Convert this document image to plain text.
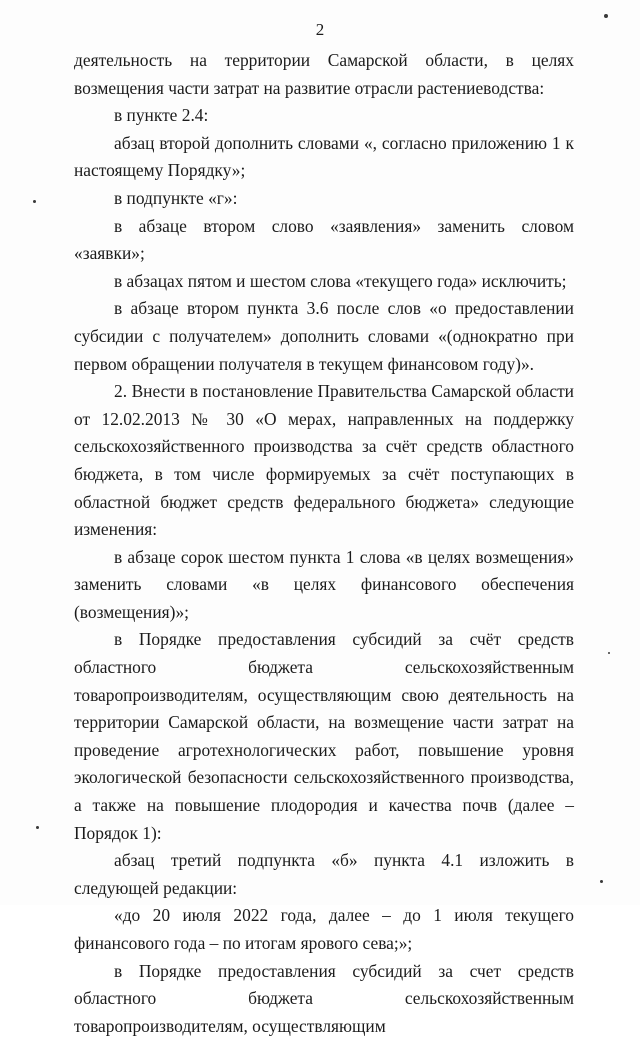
2

деятельность на территории Самарской области, в целях возмещения части затрат на развитие отрасли растениеводства:

в пункте 2.4:

абзац второй дополнить словами «, согласно приложению 1 к настоящему Порядку»;

в подпункте «г»:

в абзаце втором слово «заявления» заменить словом «заявки»;

в абзацах пятом и шестом слова «текущего года» исключить;

в абзаце втором пункта 3.6 после слов «о предоставлении субсидии с получателем» дополнить словами «(однократно при первом обращении получателя в текущем финансовом году)».

2. Внести в постановление Правительства Самарской области от 12.02.2013 № 30 «О мерах, направленных на поддержку сельскохозяйственного производства за счёт средств областного бюджета, в том числе формируемых за счёт поступающих в областной бюджет средств федерального бюджета» следующие изменения:

в абзаце сорок шестом пункта 1 слова «в целях возмещения» заменить словами «в целях финансового обеспечения (возмещения)»;

в Порядке предоставления субсидий за счёт средств областного бюджета сельскохозяйственным товаропроизводителям, осуществляющим свою деятельность на территории Самарской области, на возмещение части затрат на проведение агротехнологических работ, повышение уровня экологической безопасности сельскохозяйственного производства, а также на повышение плодородия и качества почв (далее – Порядок 1):

абзац третий подпункта «б» пункта 4.1 изложить в следующей редакции:

«до 20 июля 2022 года, далее – до 1 июля текущего финансового года – по итогам ярового сева;»;

в Порядке предоставления субсидий за счет средств областного бюджета сельскохозяйственным товаропроизводителям, осуществляющим
